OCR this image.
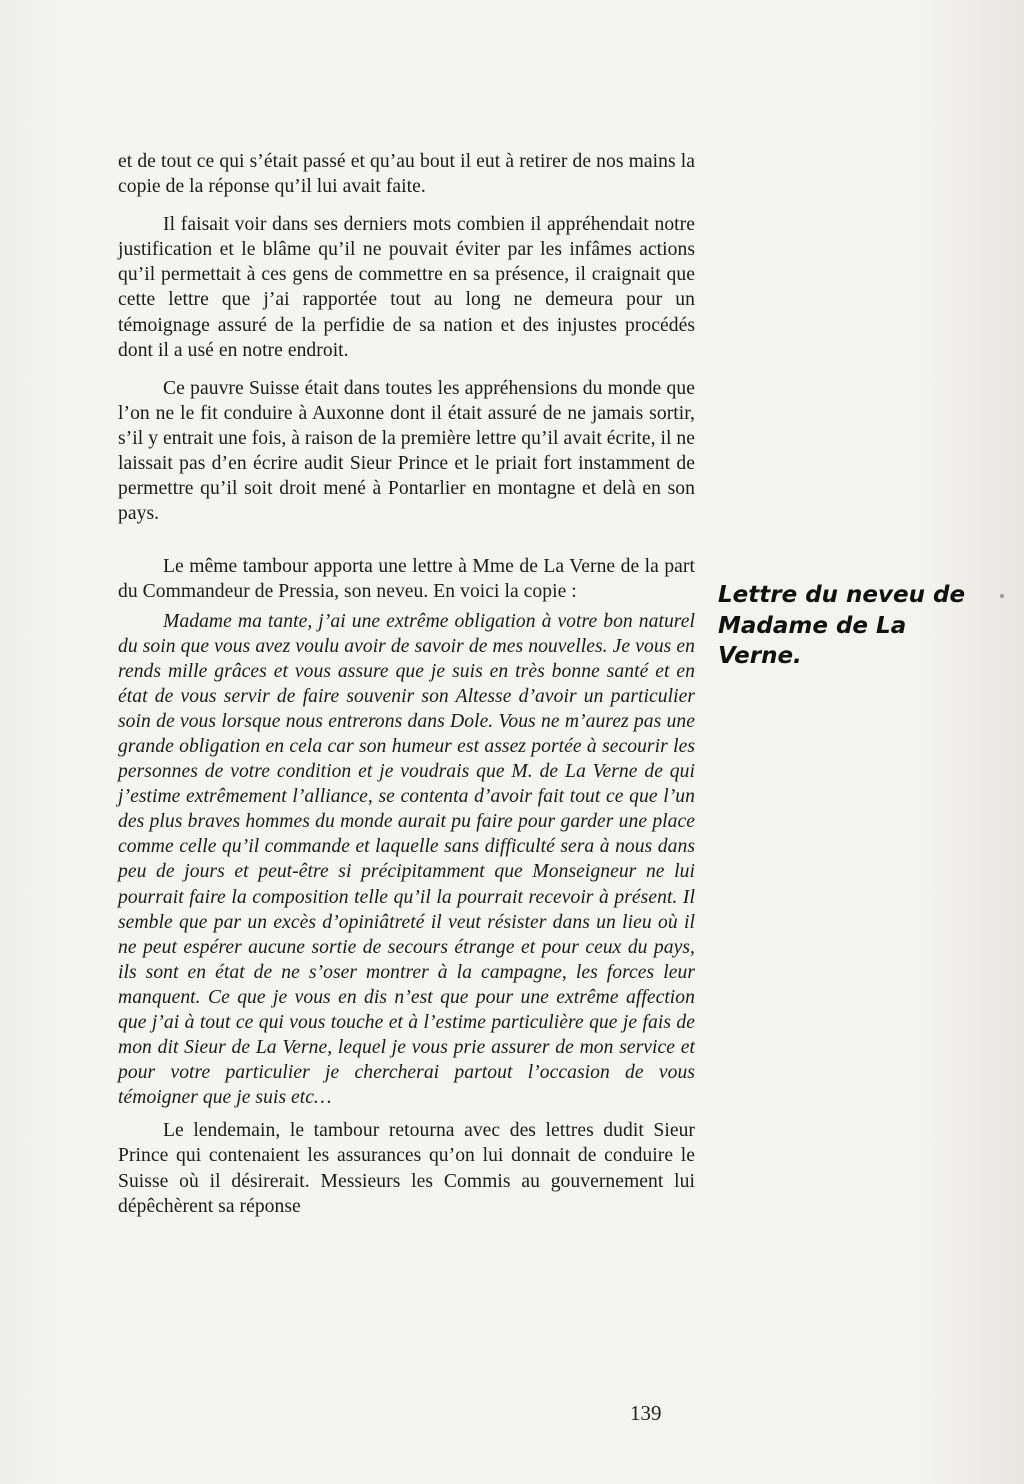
et de tout ce qui s’était passé et qu’au bout il eut à retirer de nos mains la copie de la réponse qu’il lui avait faite.

Il faisait voir dans ses derniers mots combien il appréhendait notre justification et le blâme qu’il ne pouvait éviter par les infâmes actions qu’il permettait à ces gens de commettre en sa présence, il craignait que cette lettre que j’ai rapportée tout au long ne demeura pour un témoignage assuré de la perfidie de sa nation et des injustes procédés dont il a usé en notre endroit.

Ce pauvre Suisse était dans toutes les appréhensions du monde que l’on ne le fit conduire à Auxonne dont il était assuré de ne jamais sortir, s’il y entrait une fois, à raison de la première lettre qu’il avait écrite, il ne laissait pas d’en écrire audit Sieur Prince et le priait fort instamment de permettre qu’il soit droit mené à Pontarlier en montagne et delà en son pays.

Le même tambour apporta une lettre à Mme de La Verne de la part du Commandeur de Pressia, son neveu. En voici la copie :

Madame ma tante, j’ai une extrême obligation à votre bon naturel du soin que vous avez voulu avoir de savoir de mes nouvelles. Je vous en rends mille grâces et vous assure que je suis en très bonne santé et en état de vous servir de faire souvenir son Altesse d’avoir un particulier soin de vous lorsque nous entrerons dans Dole. Vous ne m’aurez pas une grande obligation en cela car son humeur est assez portée à secourir les personnes de votre condition et je voudrais que M. de La Verne de qui j’estime extrêmement l’alliance, se contenta d’avoir fait tout ce que l’un des plus braves hommes du monde aurait pu faire pour garder une place comme celle qu’il commande et laquelle sans difficulté sera à nous dans peu de jours et peut-être si précipitamment que Monseigneur ne lui pourrait faire la composition telle qu’il la pourrait recevoir à présent. Il semble que par un excès d’opiniâtreté il veut résister dans un lieu où il ne peut espérer aucune sortie de secours étrange et pour ceux du pays, ils sont en état de ne s’oser montrer à la campagne, les forces leur manquent. Ce que je vous en dis n’est que pour une extrême affection que j’ai à tout ce qui vous touche et à l’estime particulière que je fais de mon dit Sieur de La Verne, lequel je vous prie assurer de mon service et pour votre particulier je chercherai partout l’occasion de vous témoigner que je suis etc…

Le lendemain, le tambour retourna avec des lettres dudit Sieur Prince qui contenaient les assurances qu’on lui donnait de conduire le Suisse où il désirerait. Messieurs les Commis au gouvernement lui dépêchèrent sa réponse

Lettre du neveu de Madame de La Verne.
139
